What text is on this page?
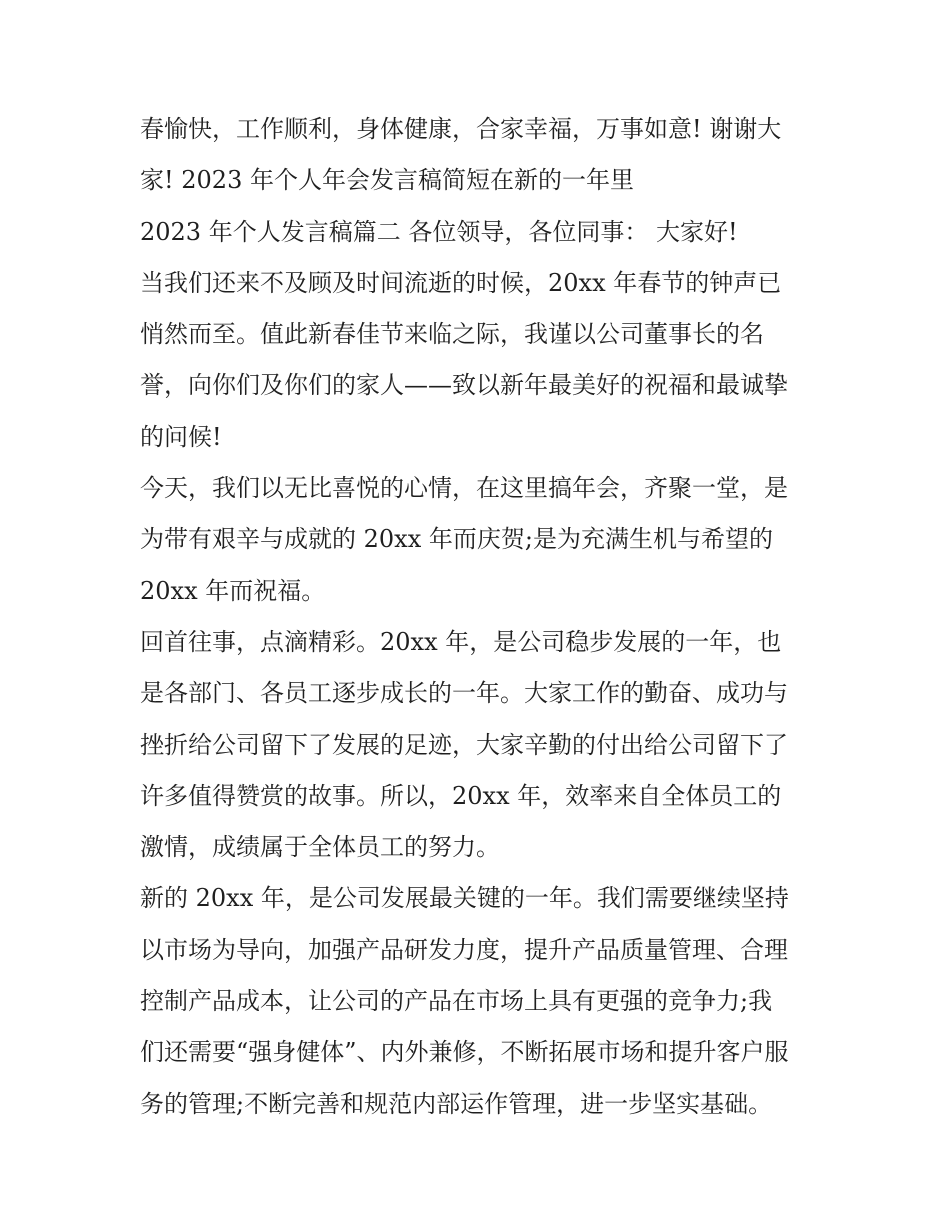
春愉快，工作顺利，身体健康，合家幸福，万事如意! 谢谢大
家! 2023 年个人年会发言稿简短在新的一年里
2023 年个人发言稿篇二 各位领导，各位同事： 大家好!
当我们还来不及顾及时间流逝的时候，20xx 年春节的钟声已
悄然而至。值此新春佳节来临之际，我谨以公司董事长的名
誉，向你们及你们的家人——致以新年最美好的祝福和最诚挚
的问候!
今天，我们以无比喜悦的心情，在这里搞年会，齐聚一堂，是
为带有艰辛与成就的 20xx 年而庆贺;是为充满生机与希望的
20xx 年而祝福。
回首往事，点滴精彩。20xx 年，是公司稳步发展的一年，也
是各部门、各员工逐步成长的一年。大家工作的勤奋、成功与
挫折给公司留下了发展的足迹，大家辛勤的付出给公司留下了
许多值得赞赏的故事。所以，20xx 年，效率来自全体员工的
激情，成绩属于全体员工的努力。
新的 20xx 年，是公司发展最关键的一年。我们需要继续坚持
以市场为导向，加强产品研发力度，提升产品质量管理、合理
控制产品成本，让公司的产品在市场上具有更强的竞争力;我
们还需要“强身健体”、内外兼修，不断拓展市场和提升客户服
务的管理;不断完善和规范内部运作管理，进一步坚实基础。
